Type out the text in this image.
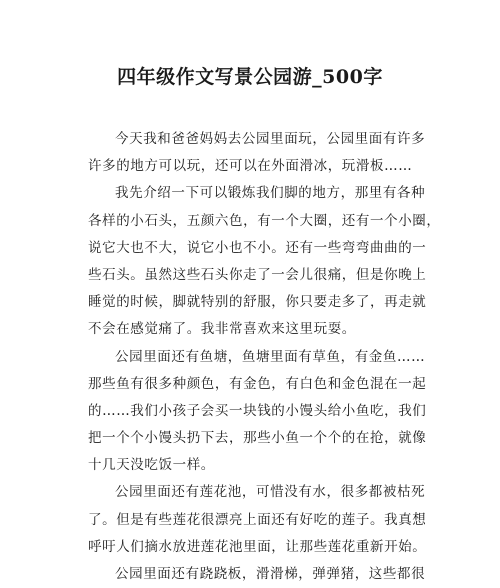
四年级作文写景公园游_500字
今天我和爸爸妈妈去公园里面玩，公园里面有许多
许多的地方可以玩，还可以在外面滑冰，玩滑板……
我先介绍一下可以锻炼我们脚的地方，那里有各种
各样的小石头，五颜六色，有一个大圈，还有一个小圈，
说它大也不大，说它小也不小。还有一些弯弯曲曲的一
些石头。虽然这些石头你走了一会儿很痛，但是你晚上
睡觉的时候，脚就特别的舒服，你只要走多了，再走就
不会在感觉痛了。我非常喜欢来这里玩耍。
公园里面还有鱼塘，鱼塘里面有草鱼，有金鱼……
那些鱼有很多种颜色，有金色，有白色和金色混在一起
的……我们小孩子会买一块钱的小馒头给小鱼吃，我们
把一个个小馒头扔下去，那些小鱼一个个的在抢，就像
十几天没吃饭一样。
公园里面还有莲花池，可惜没有水，很多都被枯死
了。但是有些莲花很漂亮上面还有好吃的莲子。我真想
呼吁人们摘水放进莲花池里面，让那些莲花重新开始。
公园里面还有跷跷板，滑滑梯，弹弹猪，这些都很
